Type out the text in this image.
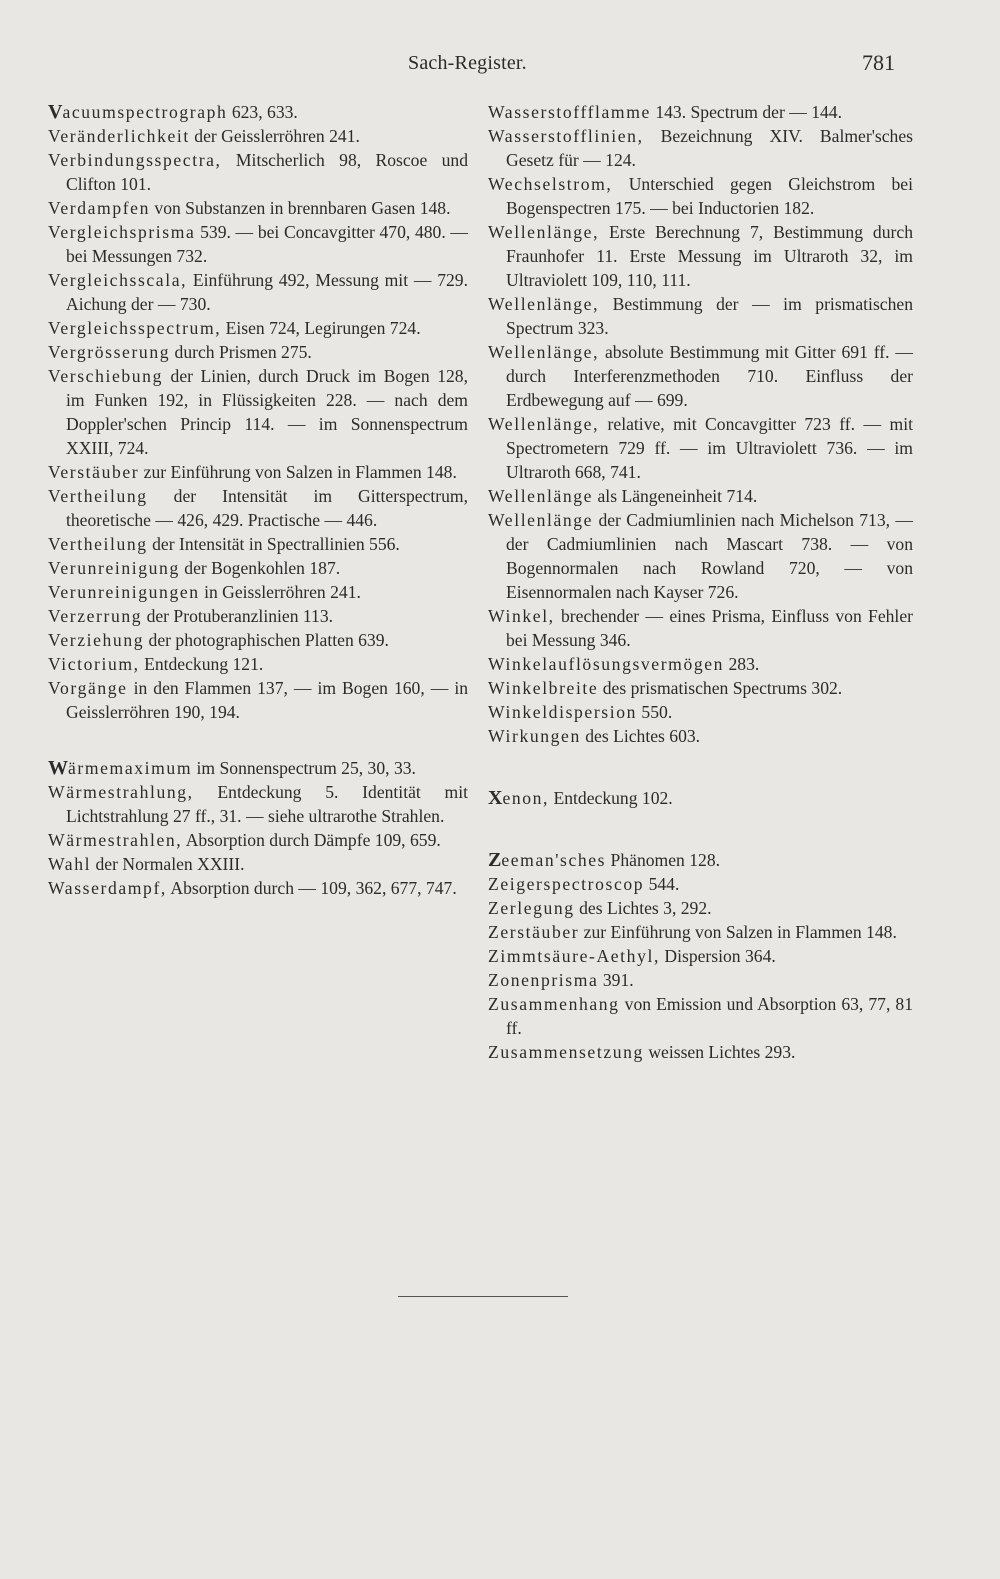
Sach-Register.	781

Vacuumspectrograph 623, 633.

Veränderlichkeit der Geisslerröhren 241.

Verbindungsspectra, Mitscherlich 98, Roscoe und Clifton 101.

Verdampfen von Substanzen in brennbaren Gasen 148.

Vergleichsprisma 539. — bei Concavgitter 470, 480. — bei Messungen 732.

Vergleichsscala, Einführung 492, Messung mit — 729. Aichung der — 730.

Vergleichsspectrum, Eisen 724, Legirungen 724.

Vergrösserung durch Prismen 275.

Verschiebung der Linien, durch Druck im Bogen 128, im Funken 192, in Flüssigkeiten 228. — nach dem Doppler'schen Princip 114. — im Sonnenspectrum XXIII, 724.

Verstäuber zur Einführung von Salzen in Flammen 148.

Vertheilung der Intensität im Gitterspectrum, theoretische — 426, 429. Practische — 446.

Vertheilung der Intensität in Spectrallinien 556.

Verunreinigung der Bogenkohlen 187.

Verunreinigungen in Geisslerröhren 241.

Verzerrung der Protuberanzlinien 113.

Verziehung der photographischen Platten 639.

Victorium, Entdeckung 121.

Vorgänge in den Flammen 137, — im Bogen 160, — in Geisslerröhren 190, 194.

Wärmemaximum im Sonnenspectrum 25, 30, 33.

Wärmestrahlung, Entdeckung 5. Identität mit Lichtstrahlung 27 ff., 31. — siehe ultrarothe Strahlen.

Wärmestrahlen, Absorption durch Dämpfe 109, 659.

Wahl der Normalen XXIII.

Wasserdampf, Absorption durch — 109, 362, 677, 747.

Wasserstoffflamme 143. Spectrum der — 144.

Wasserstofflinien, Bezeichnung XIV. Balmer'sches Gesetz für — 124.

Wechselstrom, Unterschied gegen Gleichstrom bei Bogenspectren 175. — bei Inductorien 182.

Wellenlänge, Erste Berechnung 7, Bestimmung durch Fraunhofer 11. Erste Messung im Ultraroth 32, im Ultraviolett 109, 110, 111.

Wellenlänge, Bestimmung der — im prismatischen Spectrum 323.

Wellenlänge, absolute Bestimmung mit Gitter 691 ff. — durch Interferenzmethoden 710. Einfluss der Erdbewegung auf — 699.

Wellenlänge, relative, mit Concavgitter 723 ff. — mit Spectrometern 729 ff. — im Ultraviolett 736. — im Ultraroth 668, 741.

Wellenlänge als Längeneinheit 714.

Wellenlänge der Cadmiumlinien nach Michelson 713, — der Cadmiumlinien nach Mascart 738. — von Bogennormalen nach Rowland 720, — von Eisennormalen nach Kayser 726.

Winkel, brechender — eines Prisma, Einfluss von Fehler bei Messung 346.

Winkelauflösungsvermögen 283.

Winkelbreite des prismatischen Spectrums 302.

Winkeldispersion 550.

Wirkungen des Lichtes 603.

Xenon, Entdeckung 102.

Zeeman'sches Phänomen 128.

Zeigerspectroscop 544.

Zerlegung des Lichtes 3, 292.

Zerstäuber zur Einführung von Salzen in Flammen 148.

Zimmtsäure-Aethyl, Dispersion 364.

Zonenprisma 391.

Zusammenhang von Emission und Absorption 63, 77, 81 ff.

Zusammensetzung weissen Lichtes 293.
